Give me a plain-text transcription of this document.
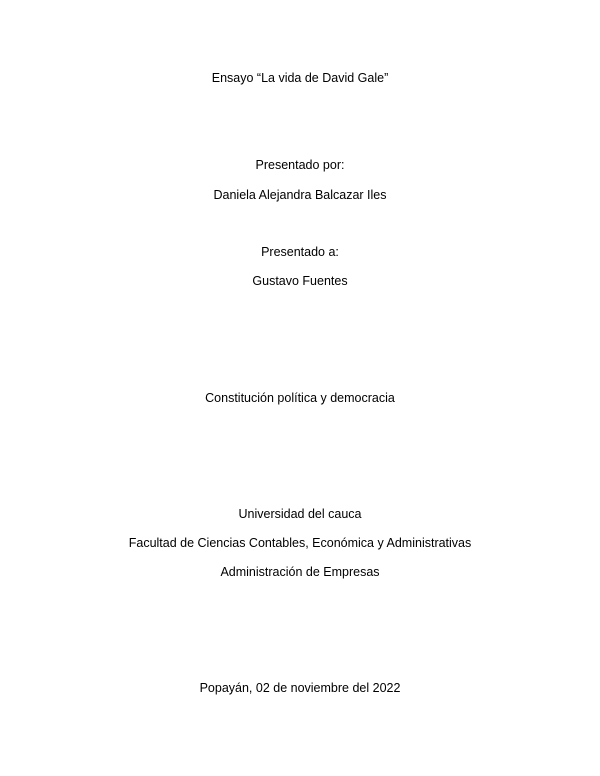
Ensayo “La vida de David Gale”
Presentado por:
Daniela Alejandra Balcazar Iles
Presentado a:
Gustavo Fuentes
Constitución política y democracia
Universidad del cauca
Facultad de Ciencias Contables, Económica y Administrativas
Administración de Empresas
Popayán, 02 de noviembre del 2022
